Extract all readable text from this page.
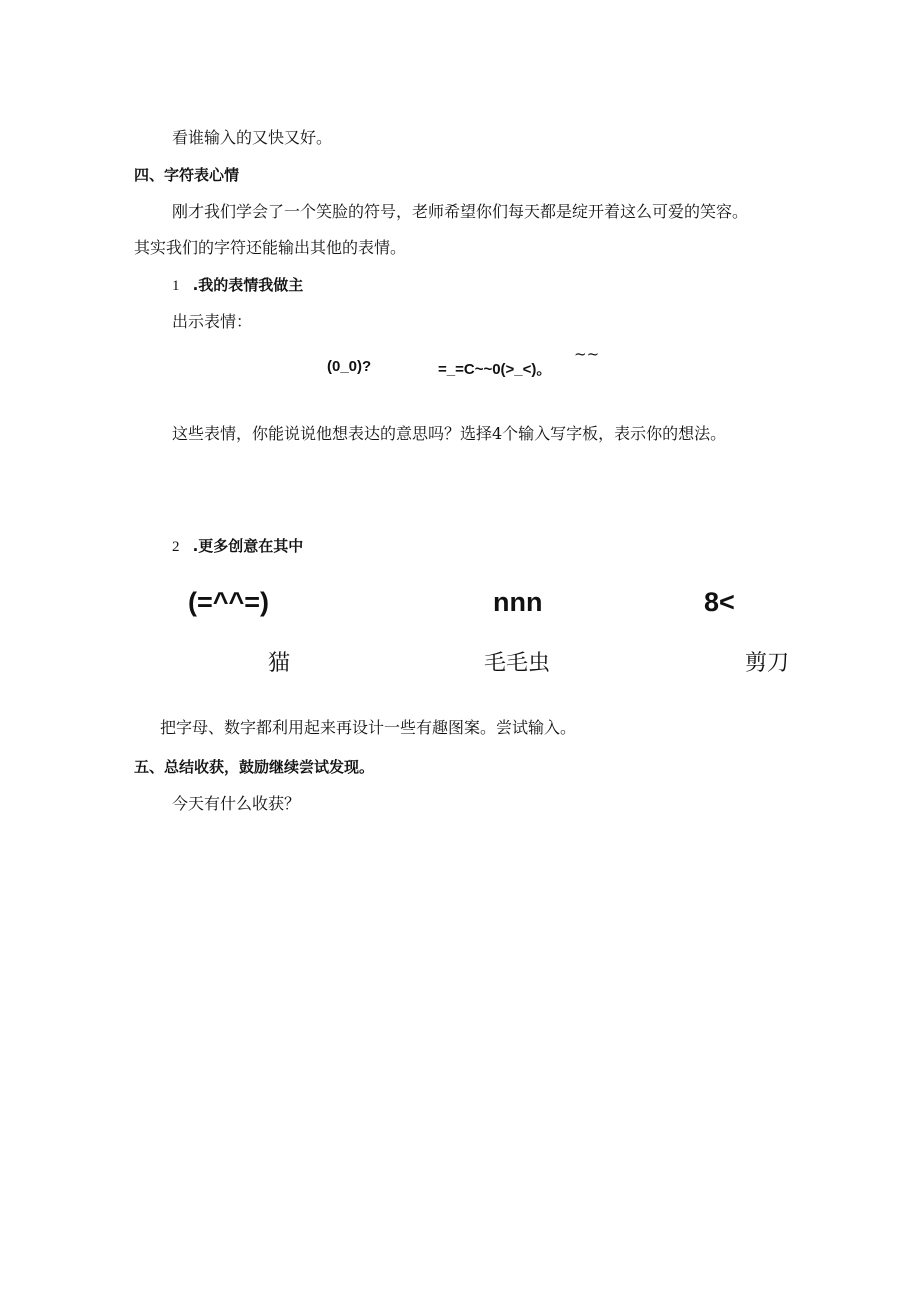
看谁输入的又快又好。
四、字符表心情
刚才我们学会了一个笑脸的符号，老师希望你们每天都是绽开着这么可爱的笑容。
其实我们的字符还能输出其他的表情。
1 .我的表情我做主
出示表情：
(0_0)?	=_=C~~0(>_<)。
~~
这些表情，你能说说他想表达的意思吗？选择4个输入写字板，表示你的想法。
2 .更多创意在其中
(=^^=)	nnn	8<
猫	毛毛虫	剪刀
把字母、数字都利用起来再设计一些有趣图案。尝试输入。
五、总结收获，鼓励继续尝试发现。
今天有什么收获？
